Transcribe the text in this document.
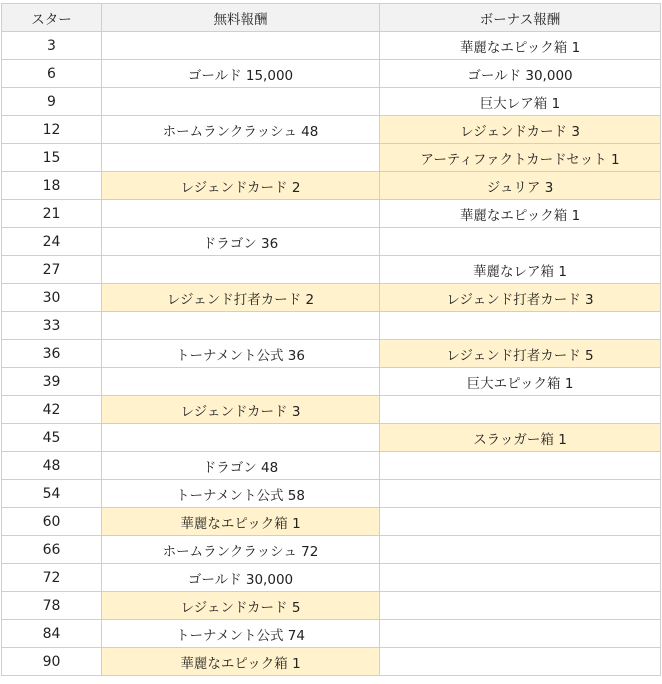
スター	無料報酬	ボーナス報酬
3		華麗なエピック箱 1
6	ゴールド 15,000	ゴールド 30,000
9		巨大レア箱 1
12	ホームランクラッシュ 48	レジェンドカード 3
15		アーティファクトカードセット 1
18	レジェンドカード 2	ジュリア 3
21		華麗なエピック箱 1
24	ドラゴン 36	
27		華麗なレア箱 1
30	レジェンド打者カード 2	レジェンド打者カード 3
33		
36	トーナメント公式 36	レジェンド打者カード 5
39		巨大エピック箱 1
42	レジェンドカード 3	
45		スラッガー箱 1
48	ドラゴン 48	
54	トーナメント公式 58	
60	華麗なエピック箱 1	
66	ホームランクラッシュ 72	
72	ゴールド 30,000	
78	レジェンドカード 5	
84	トーナメント公式 74	
90	華麗なエピック箱 1	
